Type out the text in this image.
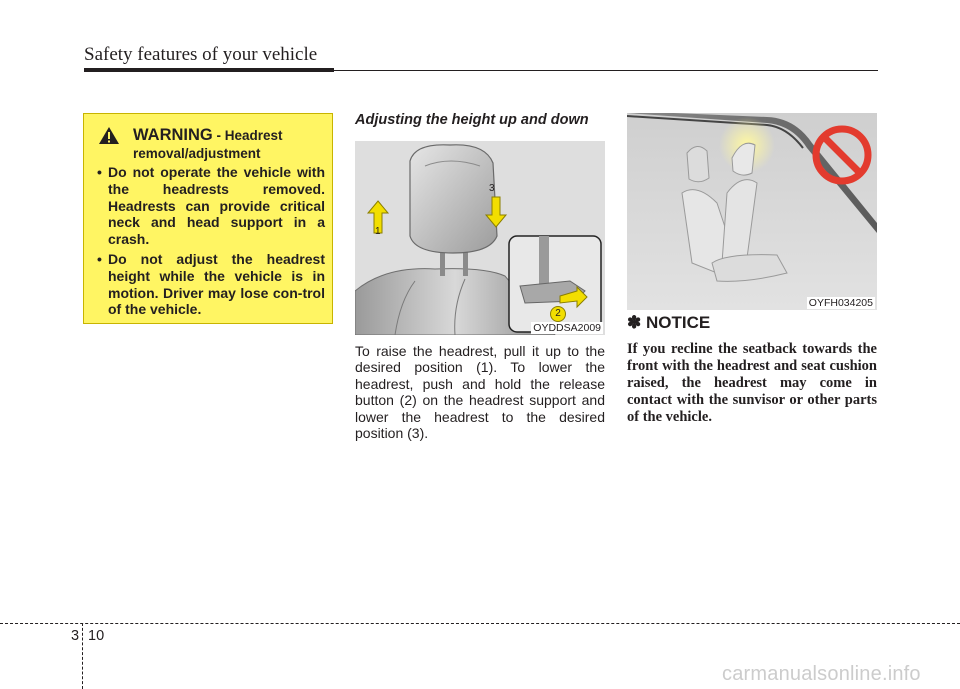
Safety features of your vehicle
WARNING - Headrest
removal/adjustment
• Do not operate the vehicle with the headrests removed. Headrests can provide critical neck and head support in a crash.
• Do not adjust the headrest height while the vehicle is in motion. Driver may lose con-trol of the vehicle.
Adjusting the height up and down
1
3
2
OYDDSA2009
To raise the headrest, pull it up to the desired position (1). To lower the headrest, push and hold the release button (2) on the headrest support and lower the headrest to the desired position (3).
OYFH034205
✽ NOTICE
If you recline the seatback towards the front with the headrest and seat cushion raised, the headrest may come in contact with the sunvisor or other parts of the vehicle.
3 10
carmanualsonline.info
